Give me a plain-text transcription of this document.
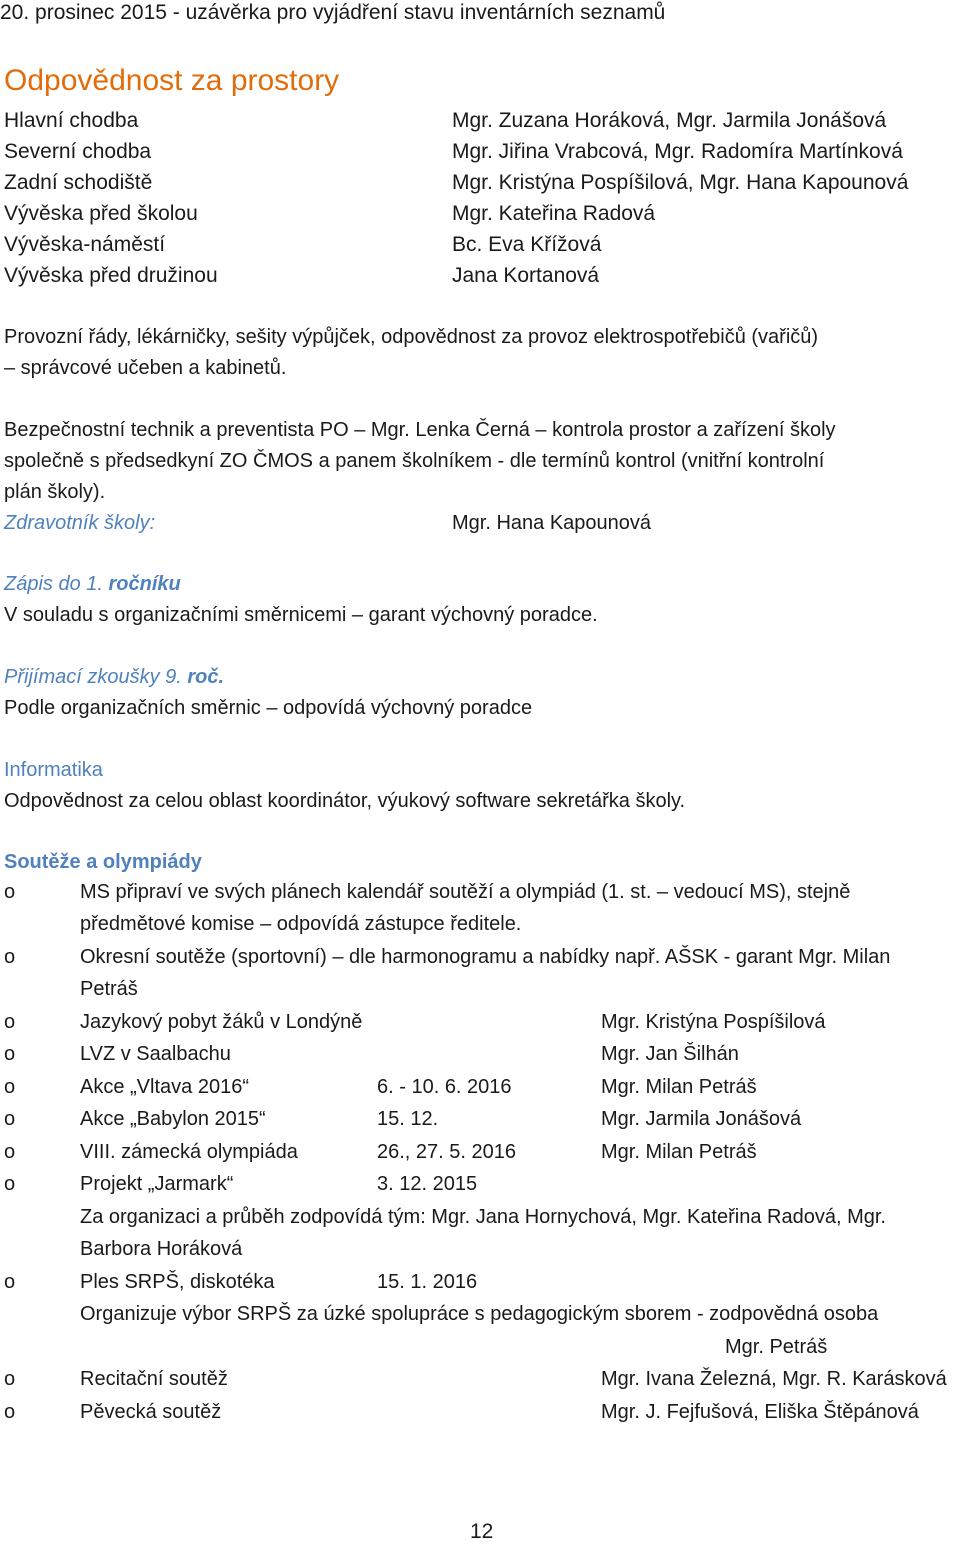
20. prosinec 2015 - uzávěrka pro vyjádření stavu inventárních seznamů
Odpovědnost za prostory
Hlavní chodba	Mgr. Zuzana Horáková, Mgr. Jarmila Jonášová
Severní chodba	Mgr. Jiřina Vrabcová, Mgr. Radomíra Martínková
Zadní schodiště	Mgr. Kristýna Pospíšilová, Mgr. Hana Kapounová
Vývěska před školou	Mgr. Kateřina Radová
Vývěska-náměstí	Bc. Eva Křížová
Vývěska před družinou	Jana Kortanová
Provozní řády, lékárničky, sešity výpůjček, odpovědnost za provoz elektrospotřebičů (vařičů)
– správcové učeben a kabinetů.
Bezpečnostní technik a preventista PO – Mgr. Lenka Černá – kontrola prostor a zařízení školy
společně s předsedkyní ZO ČMOS a panem školníkem - dle termínů kontrol (vnitřní kontrolní
plán školy).
Zdravotník školy:	Mgr. Hana Kapounová
Zápis do 1. ročníku
V souladu s organizačními směrnicemi – garant výchovný poradce.
Přijímací zkoušky 9. roč.
Podle organizačních směrnic – odpovídá výchovný poradce
Informatika
Odpovědnost za celou oblast koordinátor, výukový software sekretářka školy.
Soutěže a olympiády
o	MS připraví ve svých plánech kalendář soutěží a olympiád (1. st. – vedoucí MS), stejně
předmětové komise – odpovídá zástupce ředitele.
o	Okresní soutěže (sportovní) – dle harmonogramu a nabídky např. AŠSK - garant Mgr. Milan
Petráš
o	Jazykový pobyt žáků v Londýně	Mgr. Kristýna Pospíšilová
o	LVZ v Saalbachu	Mgr. Jan Šilhán
o	Akce „Vltava 2016“	6. - 10. 6. 2016	Mgr. Milan Petráš
o	Akce „Babylon 2015“	15. 12.	Mgr. Jarmila Jonášová
o	VIII. zámecká olympiáda	26., 27. 5. 2016	Mgr. Milan Petráš
o	Projekt „Jarmark“	3. 12. 2015
Za organizaci a průběh zodpovídá tým: Mgr. Jana Hornychová, Mgr. Kateřina Radová, Mgr.
Barbora Horáková
o	Ples SRPŠ, diskotéka	15. 1. 2016
Organizuje výbor SRPŠ za úzké spolupráce s pedagogickým sborem - zodpovědná osoba
Mgr. Petráš
o	Recitační soutěž	Mgr. Ivana Železná, Mgr. R. Karásková
o	Pěvecká soutěž	Mgr. J. Fejfušová, Eliška Štěpánová
12
